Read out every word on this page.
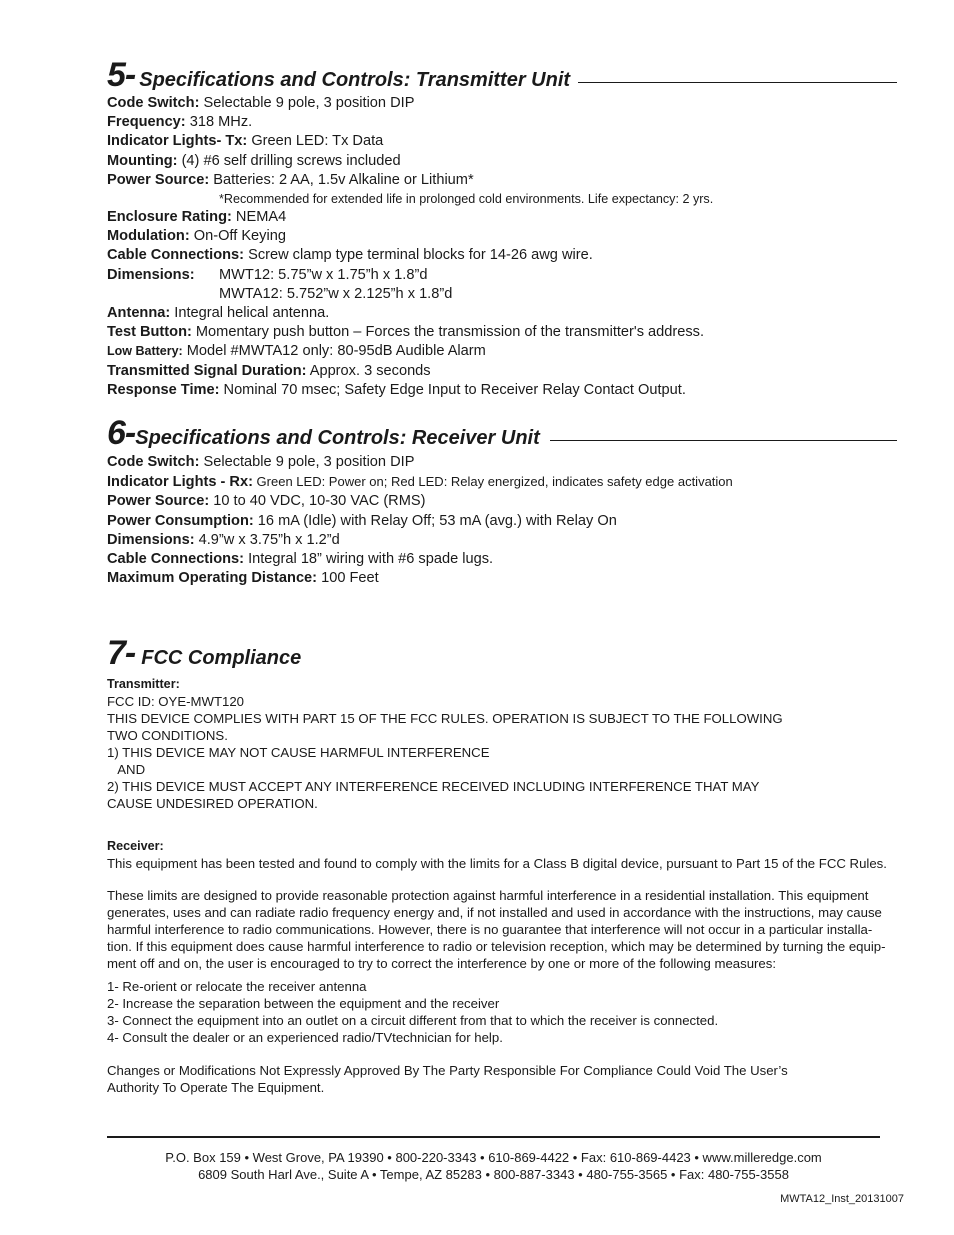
5- Specifications and Controls: Transmitter Unit
Code Switch: Selectable 9 pole, 3 position DIP
Frequency: 318 MHz.
Indicator Lights- Tx: Green LED: Tx Data
Mounting: (4) #6 self drilling screws included
Power Source: Batteries: 2 AA, 1.5v Alkaline or Lithium*
*Recommended for extended life in prolonged cold environments. Life expectancy: 2 yrs.
Enclosure Rating: NEMA4
Modulation: On-Off Keying
Cable Connections: Screw clamp type terminal blocks for 14-26 awg wire.
Dimensions: MWT12: 5.75”w x 1.75”h x 1.8”d
MWTA12: 5.752”w x 2.125”h x 1.8”d
Antenna: Integral helical antenna.
Test Button: Momentary push button – Forces the transmission of the transmitter's address.
Low Battery: Model #MWTA12 only: 80-95dB Audible Alarm
Transmitted Signal Duration: Approx. 3 seconds
Response Time: Nominal 70 msec; Safety Edge Input to Receiver Relay Contact Output.
6- Specifications and Controls: Receiver Unit
Code Switch: Selectable 9 pole, 3 position DIP
Indicator Lights - Rx: Green LED: Power on; Red LED: Relay energized, indicates safety edge activation
Power Source: 10 to 40 VDC, 10-30 VAC (RMS)
Power Consumption: 16 mA (Idle) with Relay Off; 53 mA (avg.) with Relay On
Dimensions: 4.9”w x 3.75”h x 1.2”d
Cable Connections: Integral 18” wiring with #6 spade lugs.
Maximum Operating Distance: 100 Feet
7- FCC Compliance

Transmitter:

FCC ID: OYE-MWT120

THIS DEVICE COMPLIES WITH PART 15 OF THE FCC RULES. OPERATION IS SUBJECT TO THE FOLLOWING

TWO CONDITIONS.

1) THIS DEVICE MAY NOT CAUSE HARMFUL INTERFERENCE

AND

2) THIS DEVICE MUST ACCEPT ANY INTERFERENCE RECEIVED INCLUDING INTERFERENCE THAT MAY

CAUSE UNDESIRED OPERATION.

Receiver:

This equipment has been tested and found to comply with the limits for a Class B digital device, pursuant to Part 15 of the FCC Rules.

These limits are designed to provide reasonable protection against harmful interference in a residential installation. This equipment

generates, uses and can radiate radio frequency energy and, if not installed and used in accordance with the instructions, may cause

harmful interference to radio communications. However, there is no guarantee that interference will not occur in a particular installa-

tion. If this equipment does cause harmful interference to radio or television reception, which may be determined by turning the equip-

ment off and on, the user is encouraged to try to correct the interference by one or more of the following measures:

1- Re-orient or relocate the receiver antenna

2- Increase the separation between the equipment and the receiver

3- Connect the equipment into an outlet on a circuit different from that to which the receiver is connected.

4- Consult the dealer or an experienced radio/TVtechnician for help.

Changes or Modifications Not Expressly Approved By The Party Responsible For Compliance Could Void The User’s

Authority To Operate The Equipment.

P.O. Box 159 • West Grove, PA 19390 • 800-220-3343 • 610-869-4422 • Fax: 610-869-4423 • www.milleredge.com
6809 South Harl Ave., Suite A • Tempe, AZ 85283 • 800-887-3343 • 480-755-3565 • Fax: 480-755-3558
MWTA12_Inst_20131007
